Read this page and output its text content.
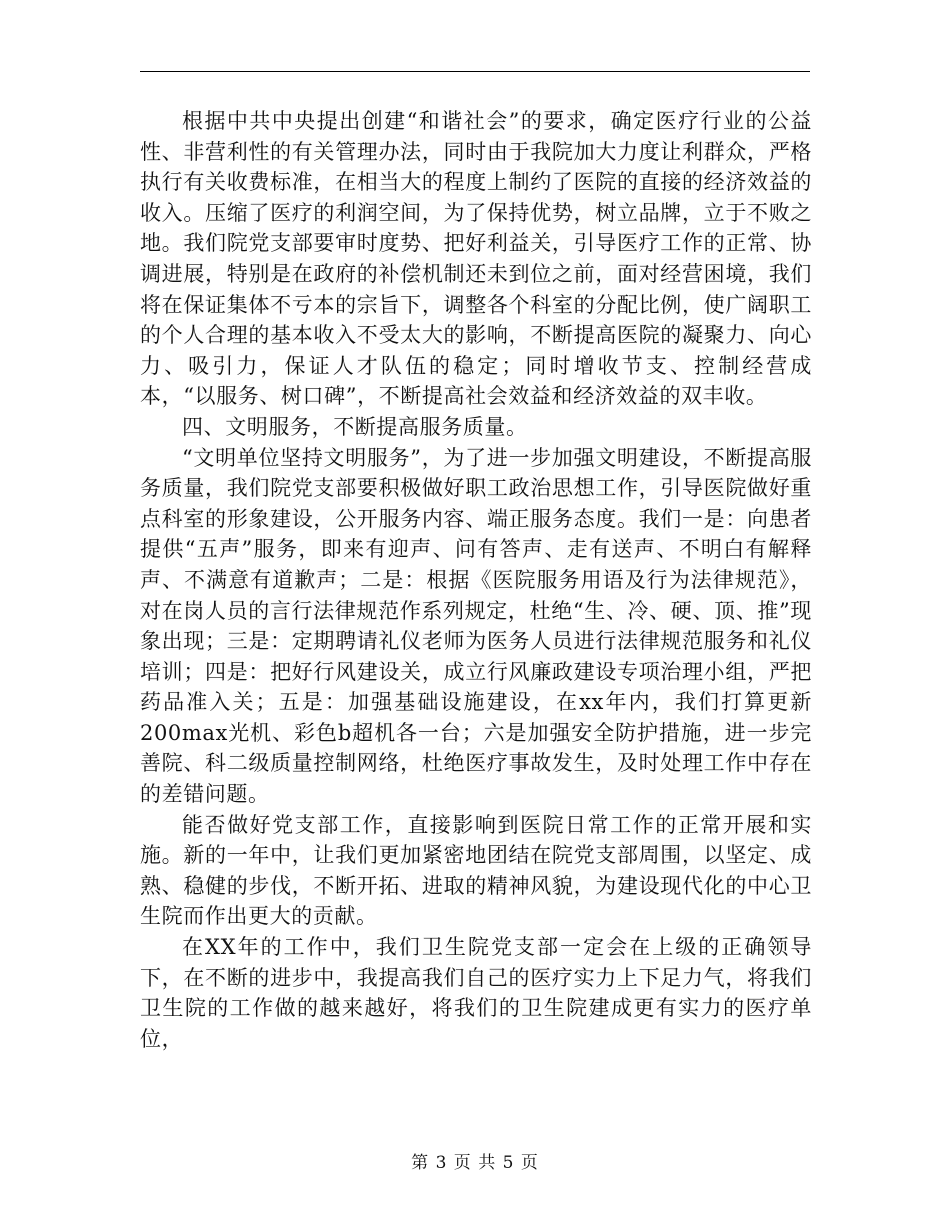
根据中共中央提出创建“和谐社会”的要求，确定医疗行业的公益性、非营利性的有关管理办法，同时由于我院加大力度让利群众，严格执行有关收费标准，在相当大的程度上制约了医院的直接的经济效益的收入。压缩了医疗的利润空间，为了保持优势，树立品牌，立于不败之地。我们院党支部要审时度势、把好利益关，引导医疗工作的正常、协调进展，特别是在政府的补偿机制还未到位之前，面对经营困境，我们将在保证集体不亏本的宗旨下，调整各个科室的分配比例，使广阔职工的个人合理的基本收入不受太大的影响，不断提高医院的凝聚力、向心力、吸引力，保证人才队伍的稳定；同时增收节支、控制经营成本，“以服务、树口碑”，不断提高社会效益和经济效益的双丰收。

四、文明服务，不断提高服务质量。

“文明单位坚持文明服务”，为了进一步加强文明建设，不断提高服务质量，我们院党支部要积极做好职工政治思想工作，引导医院做好重点科室的形象建设，公开服务内容、端正服务态度。我们一是：向患者提供“五声”服务，即来有迎声、问有答声、走有送声、不明白有解释声、不满意有道歉声；二是：根据《医院服务用语及行为法律规范》，对在岗人员的言行法律规范作系列规定，杜绝“生、冷、硬、顶、推”现象出现；三是：定期聘请礼仪老师为医务人员进行法律规范服务和礼仪培训；四是：把好行风建设关，成立行风廉政建设专项治理小组，严把药品准入关；五是：加强基础设施建设，在xx年内，我们打算更新200max光机、彩色b超机各一台；六是加强安全防护措施，进一步完善院、科二级质量控制网络，杜绝医疗事故发生，及时处理工作中存在的差错问题。

能否做好党支部工作，直接影响到医院日常工作的正常开展和实施。新的一年中，让我们更加紧密地团结在院党支部周围，以坚定、成熟、稳健的步伐，不断开拓、进取的精神风貌，为建设现代化的中心卫生院而作出更大的贡献。

在XX年的工作中，我们卫生院党支部一定会在上级的正确领导下，在不断的进步中，我提高我们自己的医疗实力上下足力气，将我们卫生院的工作做的越来越好，将我们的卫生院建成更有实力的医疗单位，

第 3 页 共 5 页
